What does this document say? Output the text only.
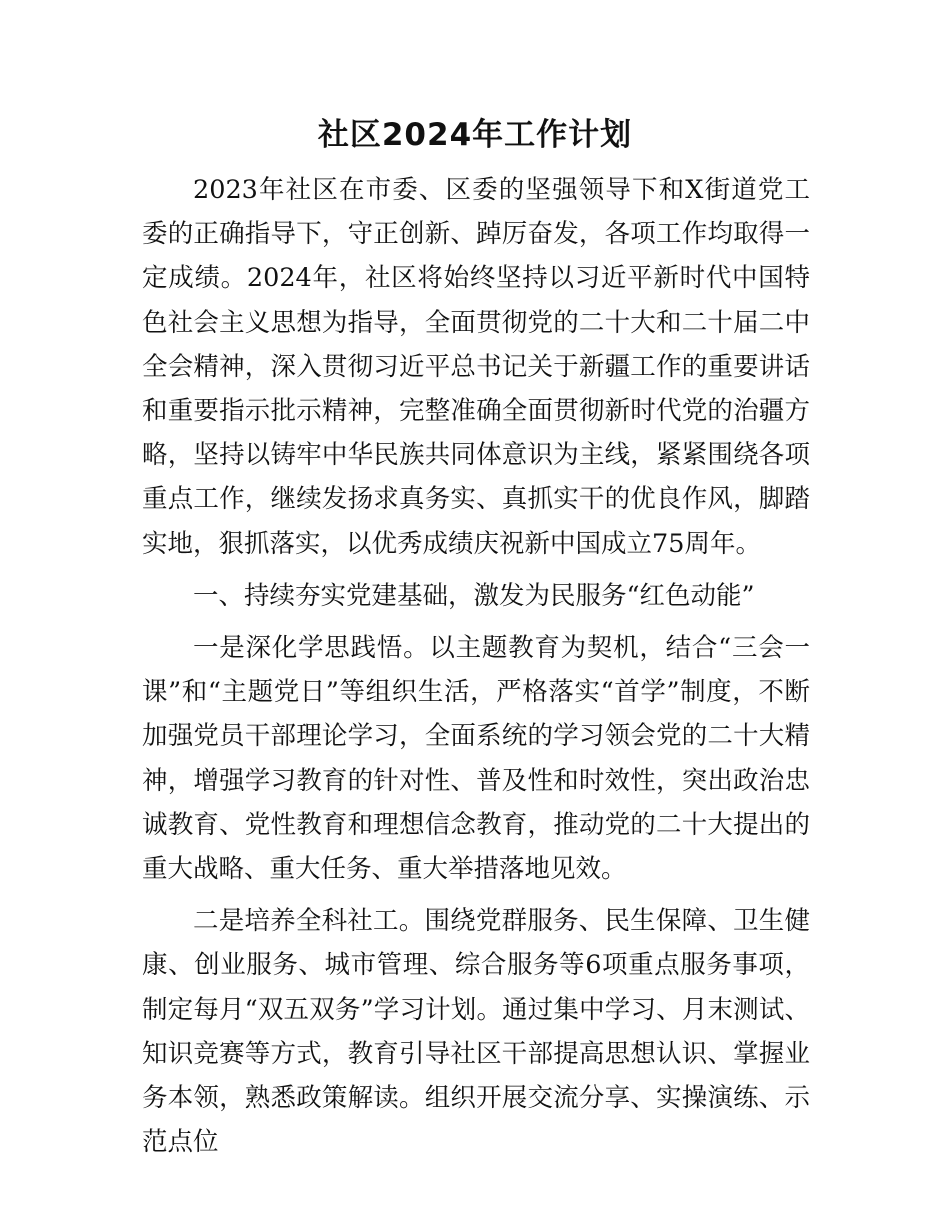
社区2024年工作计划

2023年社区在市委、区委的坚强领导下和X街道党工委的正确指导下，守正创新、踔厉奋发，各项工作均取得一定成绩。2024年，社区将始终坚持以习近平新时代中国特色社会主义思想为指导，全面贯彻党的二十大和二十届二中全会精神，深入贯彻习近平总书记关于新疆工作的重要讲话和重要指示批示精神，完整准确全面贯彻新时代党的治疆方略，坚持以铸牢中华民族共同体意识为主线，紧紧围绕各项重点工作，继续发扬求真务实、真抓实干的优良作风，脚踏实地，狠抓落实，以优秀成绩庆祝新中国成立75周年。

一、持续夯实党建基础，激发为民服务“红色动能”

一是深化学思践悟。以主题教育为契机，结合“三会一课”和“主题党日”等组织生活，严格落实“首学”制度，不断加强党员干部理论学习，全面系统的学习领会党的二十大精神，增强学习教育的针对性、普及性和时效性，突出政治忠诚教育、党性教育和理想信念教育，推动党的二十大提出的重大战略、重大任务、重大举措落地见效。

二是培养全科社工。围绕党群服务、民生保障、卫生健康、创业服务、城市管理、综合服务等6项重点服务事项，制定每月“双五双务”学习计划。通过集中学习、月末测试、知识竞赛等方式，教育引导社区干部提高思想认识、掌握业务本领，熟悉政策解读。组织开展交流分享、实操演练、示范点位
